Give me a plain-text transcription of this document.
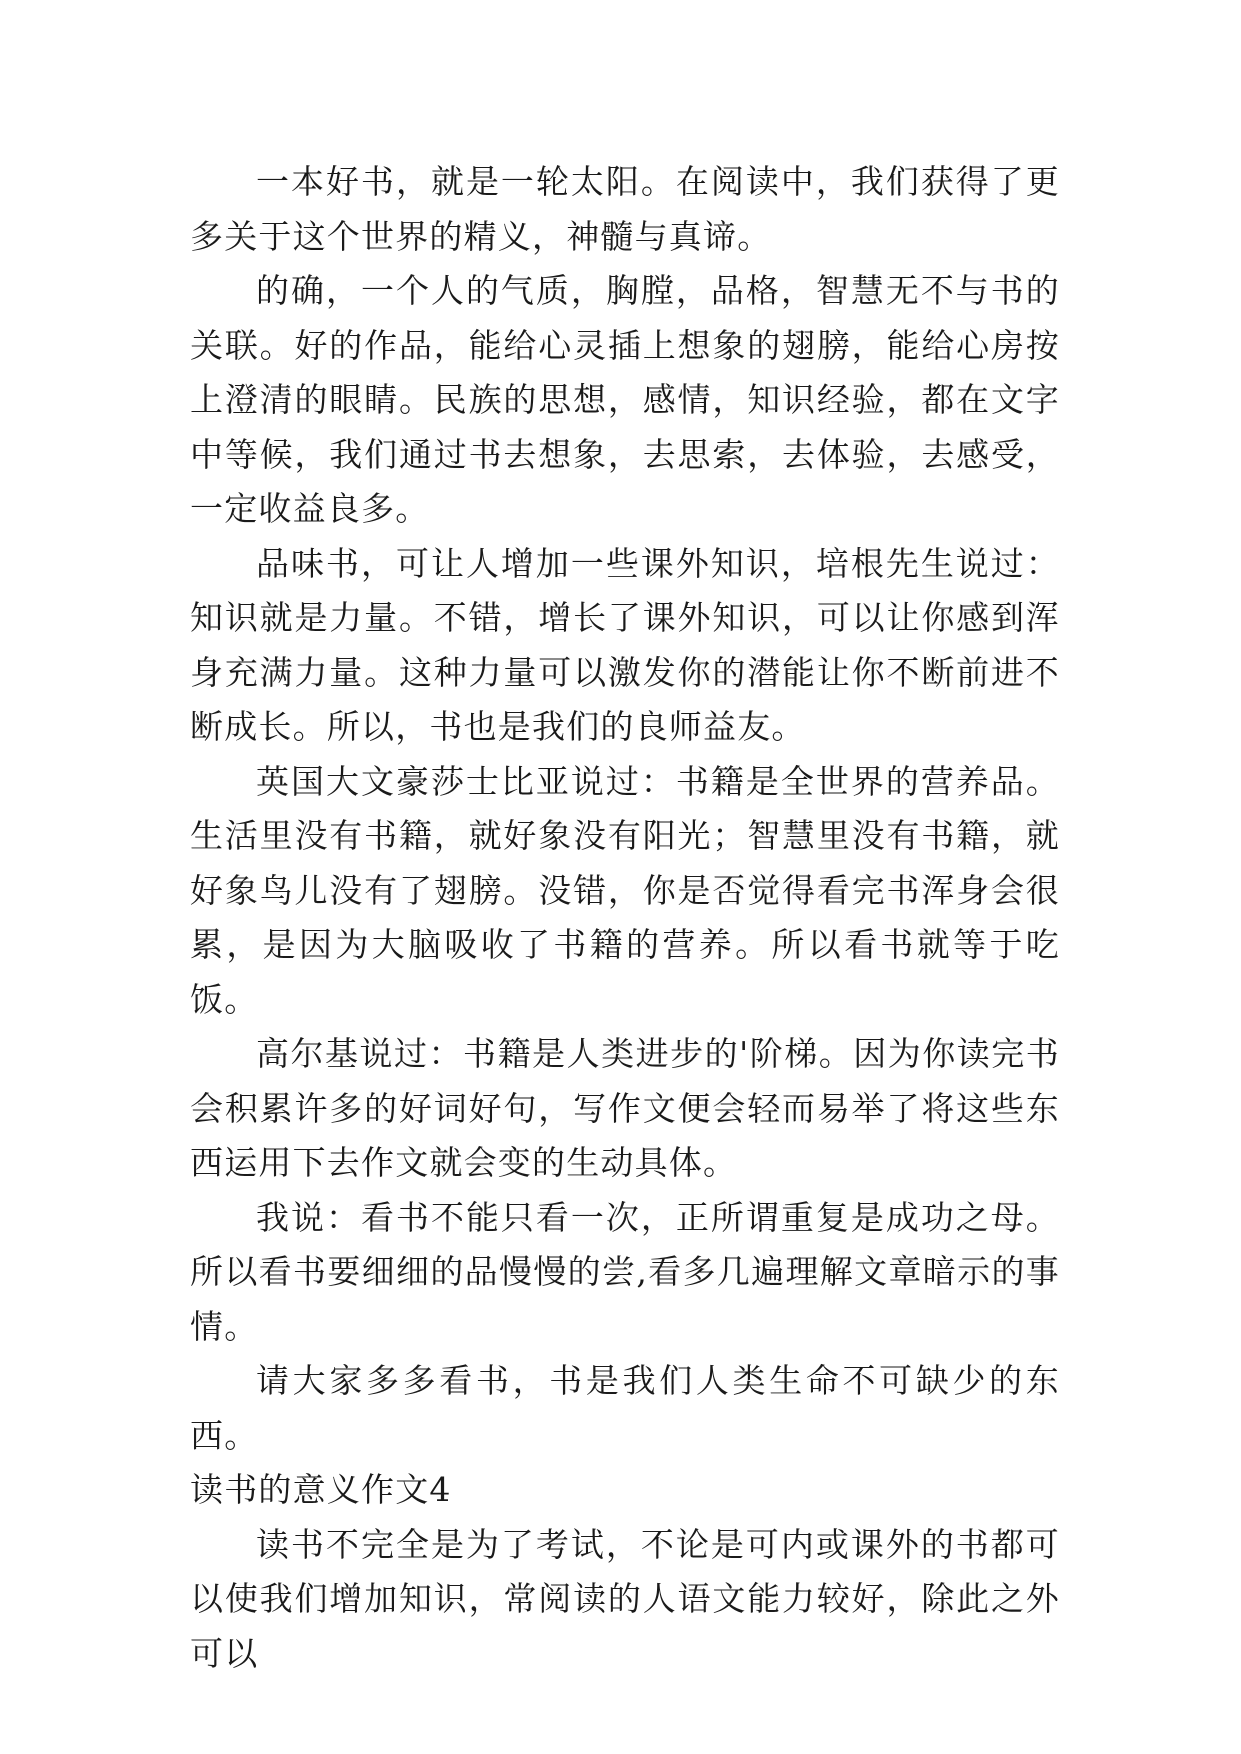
一本好书，就是一轮太阳。在阅读中，我们获得了更多关于这个世界的精义，神髓与真谛。

的确，一个人的气质，胸膛，品格，智慧无不与书的关联。好的作品，能给心灵插上想象的翅膀，能给心房按上澄清的眼睛。民族的思想，感情，知识经验，都在文字中等候，我们通过书去想象，去思索，去体验，去感受，一定收益良多。

品味书，可让人增加一些课外知识，培根先生说过：知识就是力量。不错，增长了课外知识，可以让你感到浑身充满力量。这种力量可以激发你的潜能让你不断前进不断成长。所以，书也是我们的良师益友。

英国大文豪莎士比亚说过：书籍是全世界的营养品。生活里没有书籍，就好象没有阳光；智慧里没有书籍，就好象鸟儿没有了翅膀。没错，你是否觉得看完书浑身会很累，是因为大脑吸收了书籍的营养。所以看书就等于吃饭。

高尔基说过：书籍是人类进步的'阶梯。因为你读完书会积累许多的好词好句，写作文便会轻而易举了将这些东西运用下去作文就会变的生动具体。

我说：看书不能只看一次，正所谓重复是成功之母。所以看书要细细的品慢慢的尝,看多几遍理解文章暗示的事情。

请大家多多看书，书是我们人类生命不可缺少的东西。

读书的意义作文4

读书不完全是为了考试，不论是可内或课外的书都可以使我们增加知识，常阅读的人语文能力较好，除此之外可以
